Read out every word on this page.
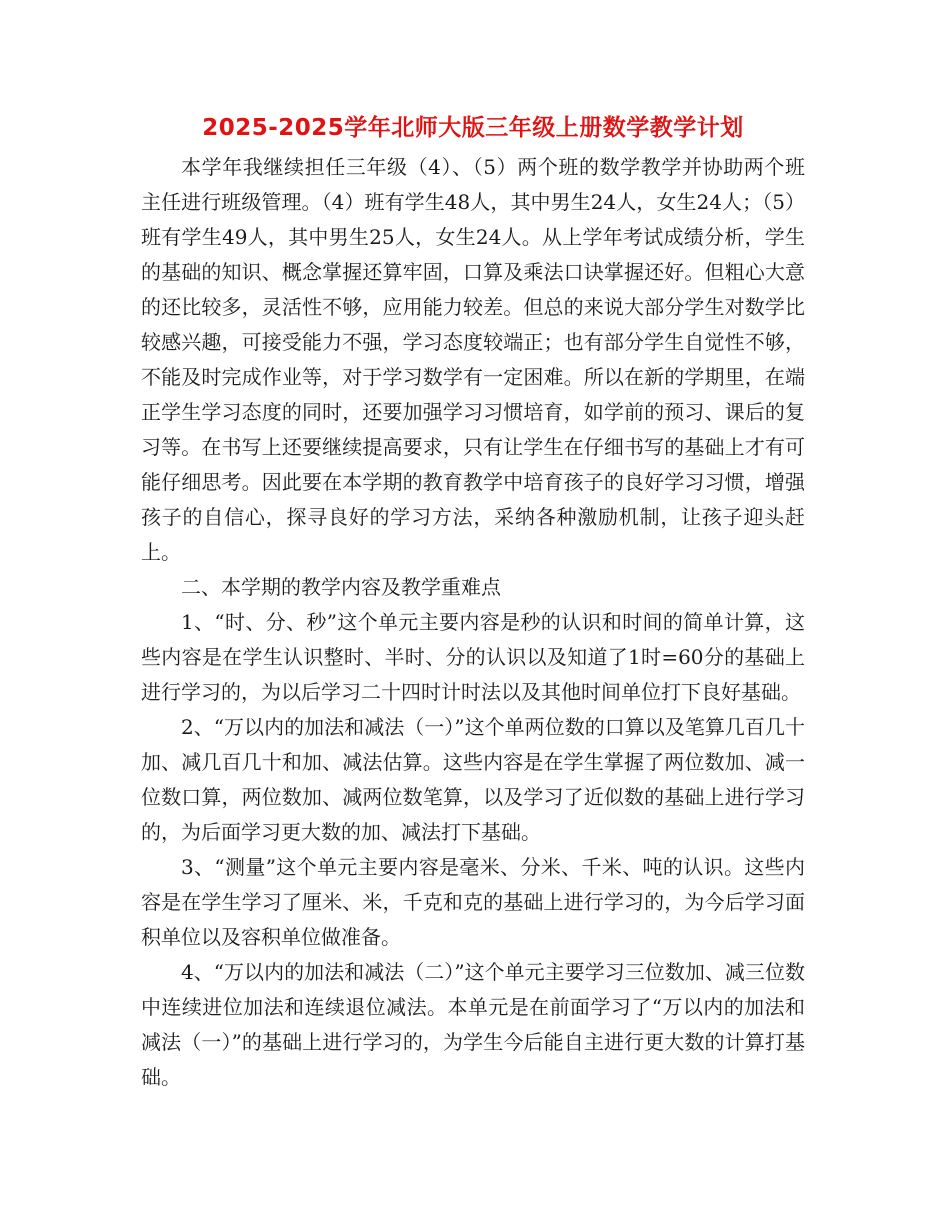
2025-2025学年北师大版三年级上册数学教学计划

本学年我继续担任三年级（4）、（5）两个班的数学教学并协助两个班主任进行班级管理。（4）班有学生48人，其中男生24人，女生24人；（5）班有学生49人，其中男生25人，女生24人。从上学年考试成绩分析，学生的基础的知识、概念掌握还算牢固，口算及乘法口诀掌握还好。但粗心大意的还比较多，灵活性不够，应用能力较差。但总的来说大部分学生对数学比较感兴趣，可接受能力不强，学习态度较端正；也有部分学生自觉性不够，不能及时完成作业等，对于学习数学有一定困难。所以在新的学期里，在端正学生学习态度的同时，还要加强学习习惯培育，如学前的预习、课后的复习等。在书写上还要继续提高要求，只有让学生在仔细书写的基础上才有可能仔细思考。因此要在本学期的教育教学中培育孩子的良好学习习惯，增强孩子的自信心，探寻良好的学习方法，采纳各种激励机制，让孩子迎头赶上。

二、本学期的教学内容及教学重难点

1、“时、分、秒”这个单元主要内容是秒的认识和时间的简单计算，这些内容是在学生认识整时、半时、分的认识以及知道了1时=60分的基础上进行学习的，为以后学习二十四时计时法以及其他时间单位打下良好基础。

2、“万以内的加法和减法（一）”这个单两位数的口算以及笔算几百几十加、减几百几十和加、减法估算。这些内容是在学生掌握了两位数加、减一位数口算，两位数加、减两位数笔算，以及学习了近似数的基础上进行学习的，为后面学习更大数的加、减法打下基础。

3、“测量”这个单元主要内容是毫米、分米、千米、吨的认识。这些内容是在学生学习了厘米、米，千克和克的基础上进行学习的，为今后学习面积单位以及容积单位做准备。

4、“万以内的加法和减法（二）”这个单元主要学习三位数加、减三位数中连续进位加法和连续退位减法。本单元是在前面学习了“万以内的加法和减法（一）”的基础上进行学习的，为学生今后能自主进行更大数的计算打基础。
